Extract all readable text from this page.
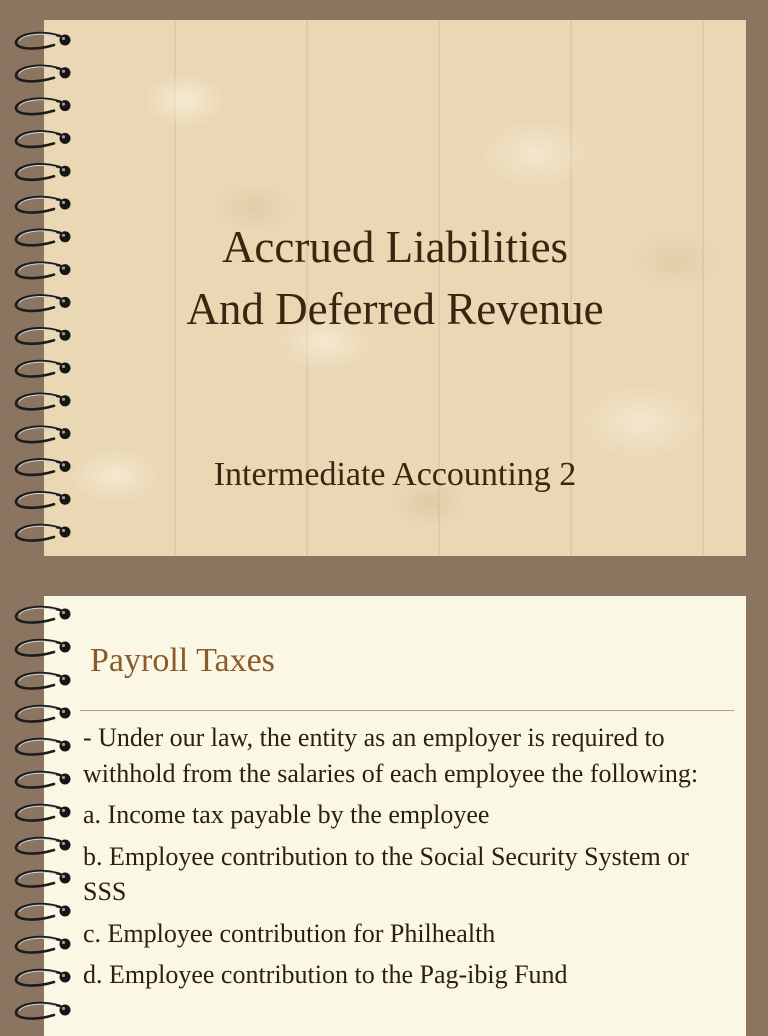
Accrued Liabilities
And Deferred Revenue
Intermediate Accounting 2
Payroll Taxes

- Under our law, the entity as an employer is required to withhold from the salaries of each employee the following:

a. Income tax payable by the employee

b. Employee contribution to the Social Security System or SSS

c. Employee contribution for Philhealth

d. Employee contribution to the Pag-ibig Fund
